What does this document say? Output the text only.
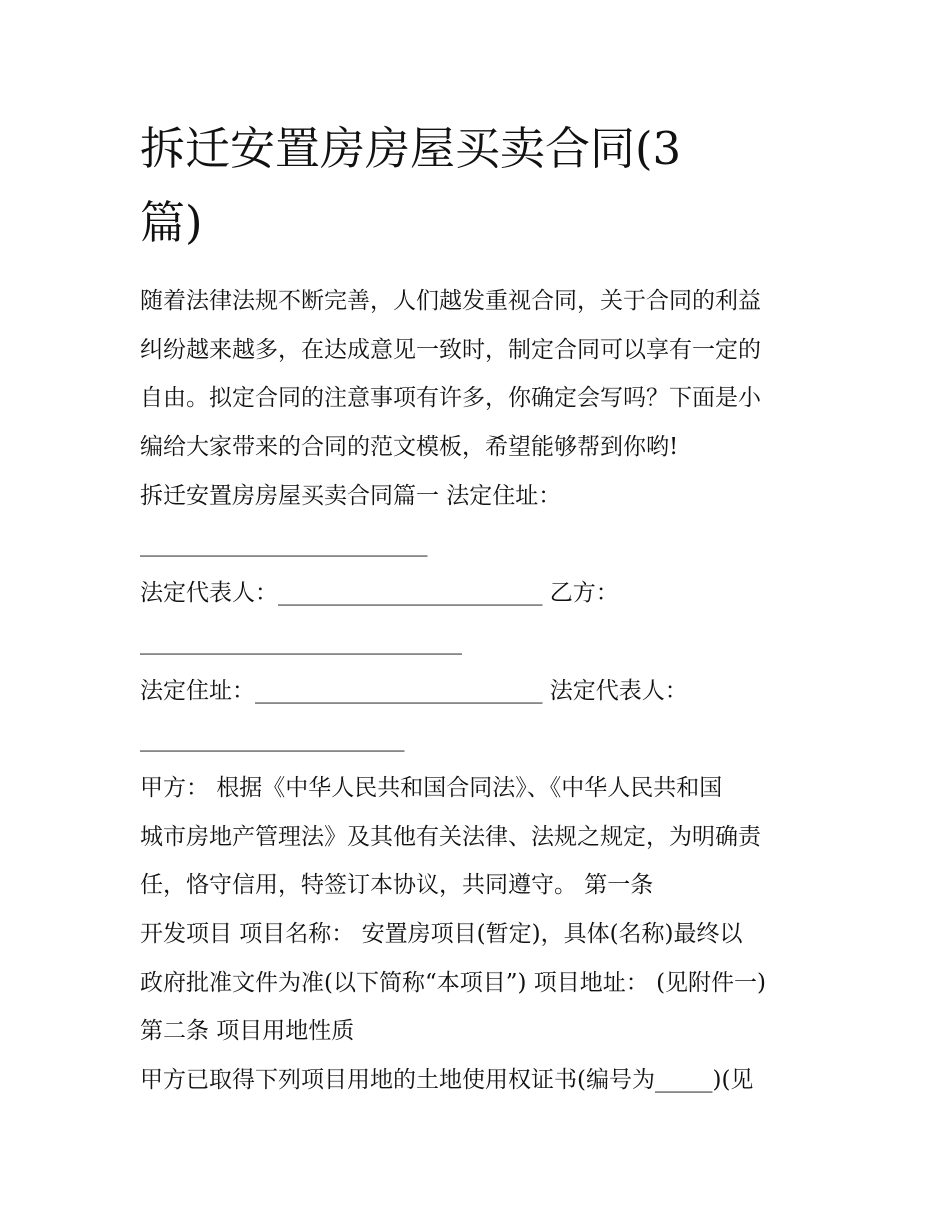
拆迁安置房房屋买卖合同(3
篇)
随着法律法规不断完善，人们越发重视合同，关于合同的利益
纠纷越来越多，在达成意见一致时，制定合同可以享有一定的
自由。拟定合同的注意事项有许多，你确定会写吗？下面是小
编给大家带来的合同的范文模板，希望能够帮到你哟!
拆迁安置房房屋买卖合同篇一 法定住址：
_________________________
法定代表人：_______________________ 乙方：
____________________________
法定住址：_________________________ 法定代表人：
_______________________
甲方： 根据《中华人民共和国合同法》、《中华人民共和国
城市房地产管理法》及其他有关法律、法规之规定，为明确责
任，恪守信用，特签订本协议，共同遵守。 第一条
开发项目 项目名称： 安置房项目(暂定)，具体(名称)最终以
政府批准文件为准(以下简称“本项目”) 项目地址： (见附件一)
第二条 项目用地性质
甲方已取得下列项目用地的土地使用权证书(编号为_____)(见
